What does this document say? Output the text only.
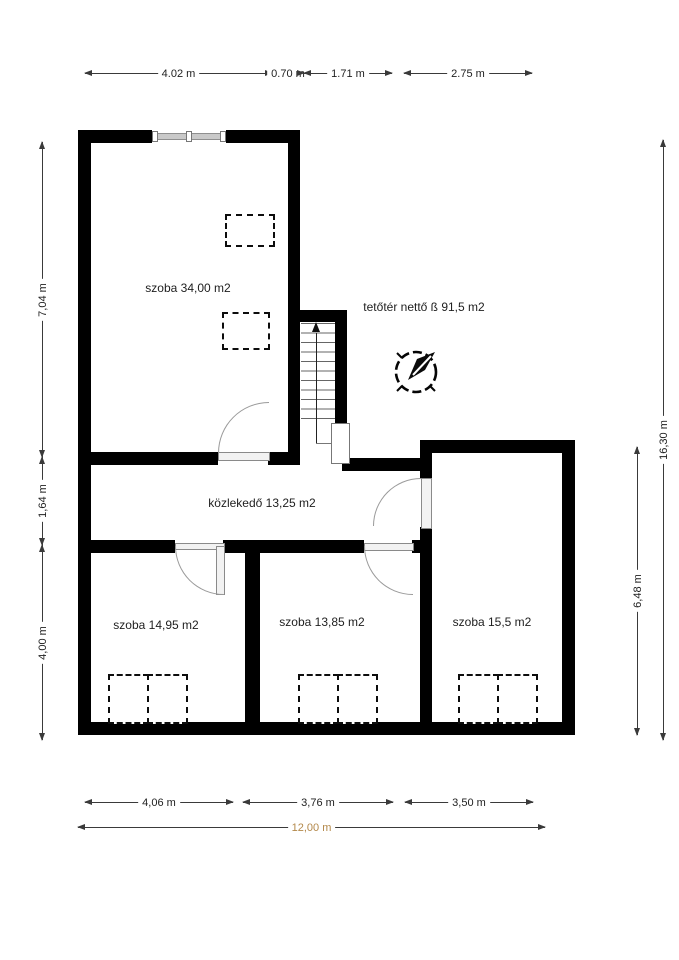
szoba 34,00 m2
tetőtér nettő ß 91,5 m2
közlekedő 13,25 m2
szoba 14,95 m2	szoba 13,85 m2	szoba 15,5 m2
4.02 m	0.70 m	1.71 m	2.75 m
4,06 m	3,76 m	3,50 m
12,00 m
7,04 m
1,64 m
4,00 m
6,48 m
16,30 m
